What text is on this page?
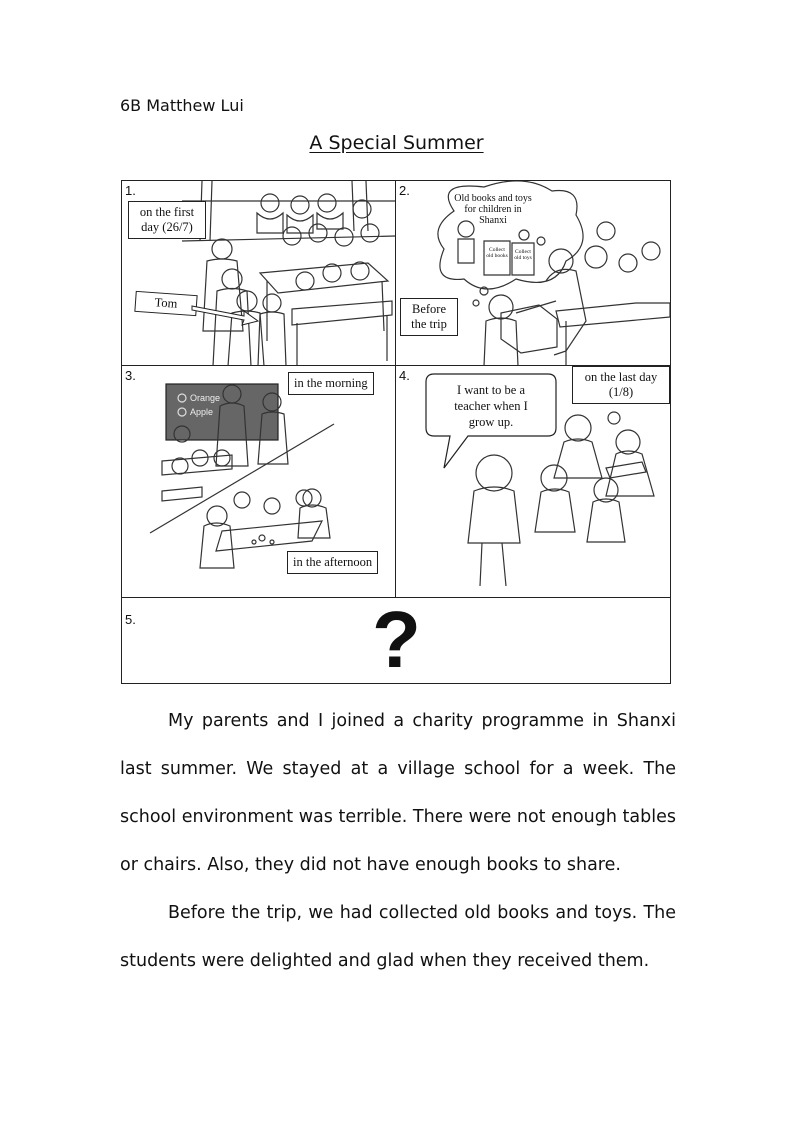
6B Matthew Lui
A Special Summer
1.
on the first day (26/7)
Tom
2.
Old books and toys for children in Shanxi
Collect old books
Collect old toys
Before the trip
Orange
Apple
3.	in the morning
in the afternoon
4.
I want to be a teacher when I grow up.
on the last day (1/8)
5.	?

My parents and I joined a charity programme in Shanxi last summer. We stayed at a village school for a week. The school environment was terrible. There were not enough tables or chairs. Also, they did not have enough books to share.

Before the trip, we had collected old books and toys. The students were delighted and glad when they received them.
